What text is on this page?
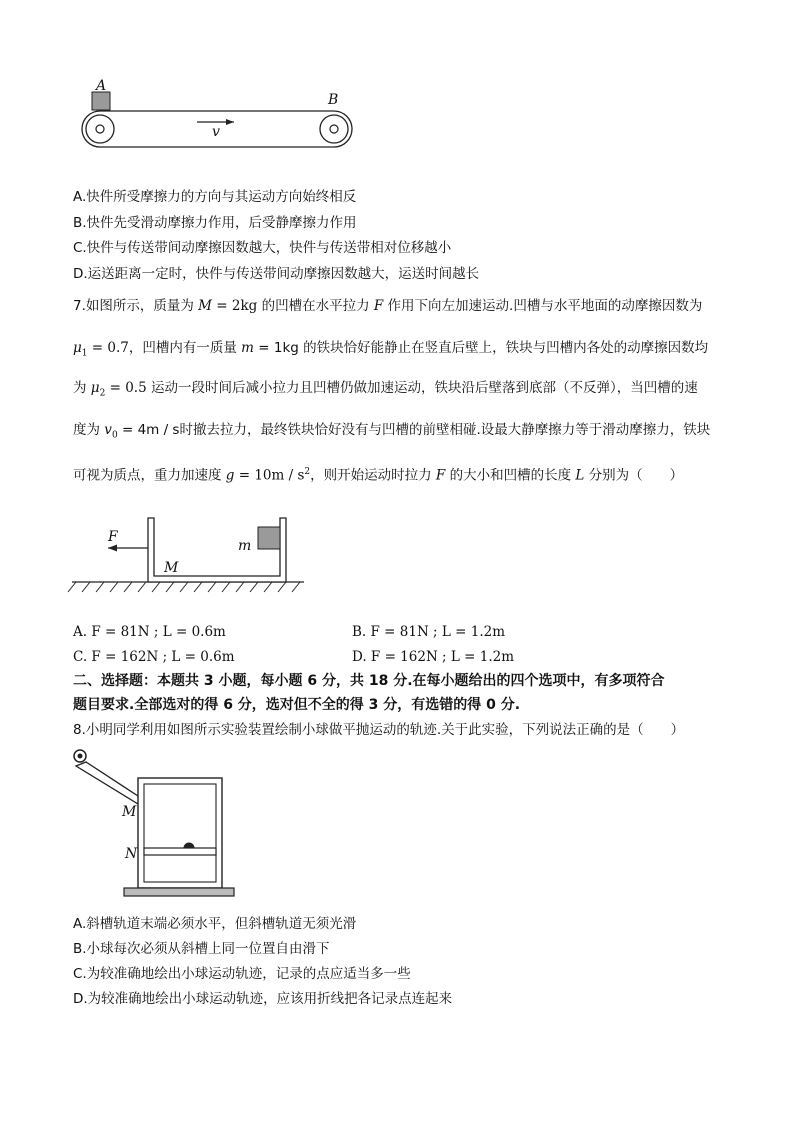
A
B
v
A.快件所受摩擦力的方向与其运动方向始终相反
B.快件先受滑动摩擦力作用，后受静摩擦力作用
C.快件与传送带间动摩擦因数越大，快件与传送带相对位移越小
D.运送距离一定时，快件与传送带间动摩擦因数越大，运送时间越长
7.如图所示，质量为 M = 2kg 的凹槽在水平拉力 F 作用下向左加速运动.凹槽与水平地面的动摩擦因数为
$\mu_1 = 0.7$，凹槽内有一质量 m = 1kg 的铁块恰好能静止在竖直后壁上，铁块与凹槽内各处的动摩擦因数均
为 $\mu_2 = 0.5$ 运动一段时间后减小拉力且凹槽仍做加速运动，铁块沿后壁落到底部（不反弹），当凹槽的速
度为 $v_0 = 4m / s$时撤去拉力，最终铁块恰好没有与凹槽的前壁相碰.设最大静摩擦力等于滑动摩擦力，铁块
可视为质点，重力加速度 $g = 10m / s^2$，则开始运动时拉力 F 的大小和凹槽的长度 L 分别为（　　）
m
M
F
A. F = 81N ; L = 0.6m	B. F = 81N ; L = 1.2m
C. F = 162N ; L = 0.6m	D. F = 162N ; L = 1.2m
二、选择题：本题共 3 小题，每小题 6 分，共 18 分.在每小题给出的四个选项中，有多项符合
题目要求.全部选对的得 6 分，选对但不全的得 3 分，有选错的得 0 分.
8.小明同学利用如图所示实验装置绘制小球做平抛运动的轨迹.关于此实验，下列说法正确的是（　　）
M
N
A.斜槽轨道末端必须水平，但斜槽轨道无须光滑
B.小球每次必须从斜槽上同一位置自由滑下
C.为较准确地绘出小球运动轨迹，记录的点应适当多一些
D.为较准确地绘出小球运动轨迹，应该用折线把各记录点连起来
